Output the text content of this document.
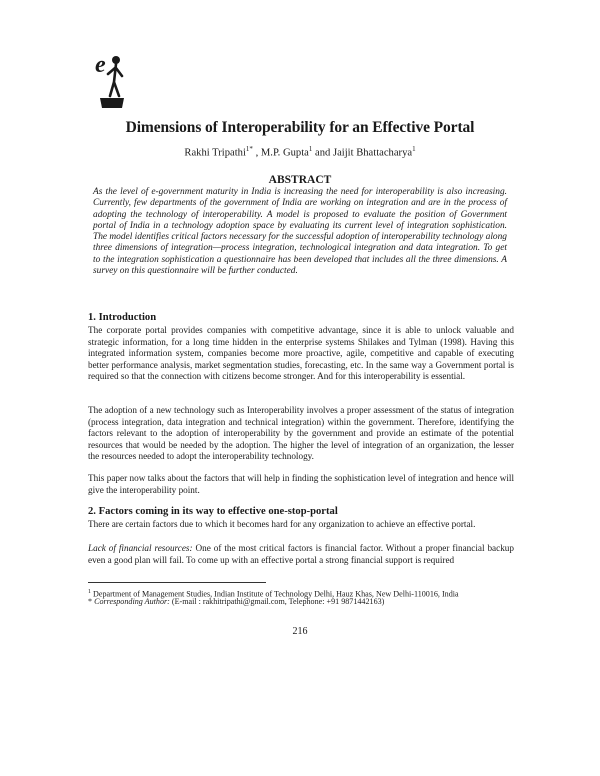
e
Dimensions of Interoperability for an Effective Portal
Rakhi Tripathi$^{1*}$ , M.P. Gupta$^1$ and Jaijit Bhattacharya$^1$
ABSTRACT
As the level of e-government maturity in India is increasing the need for interoperability is also increasing. Currently, few departments of the government of India are working on integration and are in the process of adopting the technology of interoperability. A model is proposed to evaluate the position of Government portal of India in a technology adoption space by evaluating its current level of integration sophistication. The model identifies critical factors necessary for the successful adoption of interoperability technology along three dimensions of integration—process integration, technological integration and data integration. To get to the integration sophistication a questionnaire has been developed that includes all the three dimensions. A survey on this questionnaire will be further conducted.
1. Introduction
The corporate portal provides companies with competitive advantage, since it is able to unlock valuable and strategic information, for a long time hidden in the enterprise systems Shilakes and Tylman (1998). Having this integrated information system, companies become more proactive, agile, competitive and capable of executing better performance analysis, market segmentation studies, forecasting, etc. In the same way a Government portal is required so that the connection with citizens become stronger. And for this interoperability is essential.
The adoption of a new technology such as Interoperability involves a proper assessment of the status of integration (process integration, data integration and technical integration) within the government. Therefore, identifying the factors relevant to the adoption of interoperability by the government and provide an estimate of the potential resources that would be needed by the adoption. The higher the level of integration of an organization, the lesser the resources needed to adopt the interoperability technology.
This paper now talks about the factors that will help in finding the sophistication level of integration and hence will give the interoperability point.
2. Factors coming in its way to effective one-stop-portal
There are certain factors due to which it becomes hard for any organization to achieve an effective portal.
Lack of financial resources: One of the most critical factors is financial factor. Without a proper financial backup even a good plan will fail. To come up with an effective portal a strong financial support is required
$^1$ Department of Management Studies, Indian Institute of Technology Delhi, Hauz Khas, New Delhi-110016, India
* Corresponding Author: (E-mail : rakhitripathi@gmail.com, Telephone: +91 9871442163)
216
